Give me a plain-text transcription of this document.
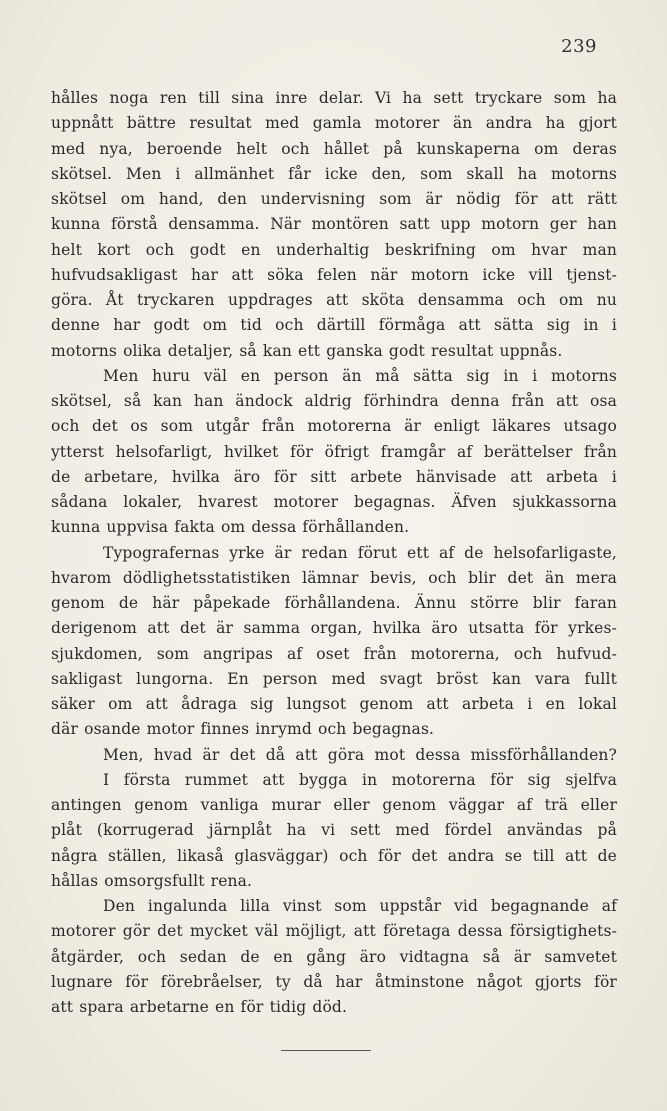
239
hålles noga ren till sina inre delar. Vi ha sett tryckare som ha
uppnått bättre resultat med gamla motorer än andra ha gjort
med nya, beroende helt och hållet på kunskaperna om deras
skötsel. Men i allmänhet får icke den, som skall ha motorns
skötsel om hand, den undervisning som är nödig för att rätt
kunna förstå densamma. När montören satt upp motorn ger han
helt kort och godt en underhaltig beskrifning om hvar man
hufvudsakligast har att söka felen när motorn icke vill tjenst-
göra. Åt tryckaren uppdrages att sköta densamma och om nu
denne har godt om tid och därtill förmåga att sätta sig in i
motorns olika detaljer, så kan ett ganska godt resultat uppnås.
Men huru väl en person än må sätta sig in i motorns
skötsel, så kan han ändock aldrig förhindra denna från att osa
och det os som utgår från motorerna är enligt läkares utsago
ytterst helsofarligt, hvilket för öfrigt framgår af berättelser från
de arbetare, hvilka äro för sitt arbete hänvisade att arbeta i
sådana lokaler, hvarest motorer begagnas. Äfven sjukkassorna
kunna uppvisa fakta om dessa förhållanden.
Typografernas yrke är redan förut ett af de helsofarligaste,
hvarom dödlighetsstatistiken lämnar bevis, och blir det än mera
genom de här påpekade förhållandena. Ännu större blir faran
derigenom att det är samma organ, hvilka äro utsatta för yrkes-
sjukdomen, som angripas af oset från motorerna, och hufvud-
sakligast lungorna. En person med svagt bröst kan vara fullt
säker om att ådraga sig lungsot genom att arbeta i en lokal
där osande motor finnes inrymd och begagnas.
Men, hvad är det då att göra mot dessa missförhållanden?
I första rummet att bygga in motorerna för sig sjelfva
antingen genom vanliga murar eller genom väggar af trä eller
plåt (korrugerad järnplåt ha vi sett med fördel användas på
några ställen, likaså glasväggar) och för det andra se till att de
hållas omsorgsfullt rena.
Den ingalunda lilla vinst som uppstår vid begagnande af
motorer gör det mycket väl möjligt, att företaga dessa försigtighets-
åtgärder, och sedan de en gång äro vidtagna så är samvetet
lugnare för förebråelser, ty då har åtminstone något gjorts för
att spara arbetarne en för tidig död.
